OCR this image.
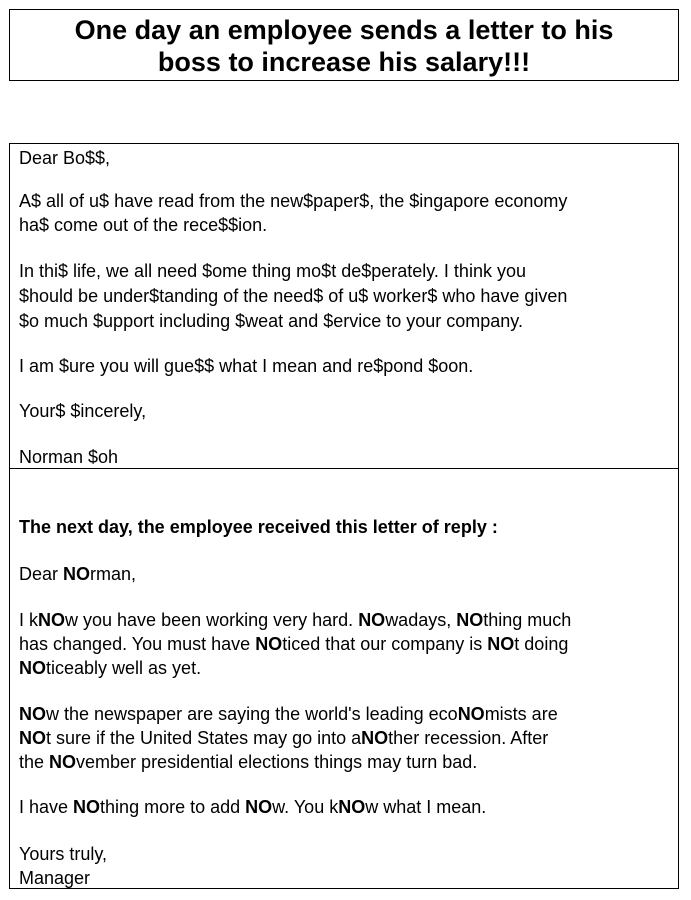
One day an employee sends a letter to his
boss to increase his salary!!!
Dear Bo$$,
A$ all of u$ have read from the new$paper$, the $ingapore economy
ha$ come out of the rece$$ion.
In thi$ life, we all need $ome thing mo$t de$perately. I think you
$hould be under$tanding of the need$ of u$ worker$ who have given
$o much $upport including $weat and $ervice to your company.
I am $ure you will gue$$ what I mean and re$pond $oon.
Your$ $incerely,
Norman $oh
The next day, the employee received this letter of reply :
Dear NOrman,
I kNOw you have been working very hard. NOwadays, NOthing much
has changed. You must have NOticed that our company is NOt doing
NOticeably well as yet.
NOw the newspaper are saying the world's leading ecoNOmists are
NOt sure if the United States may go into aNOther recession. After
the NOvember presidential elections things may turn bad.
I have NOthing more to add NOw. You kNOw what I mean.
Yours truly,
Manager
